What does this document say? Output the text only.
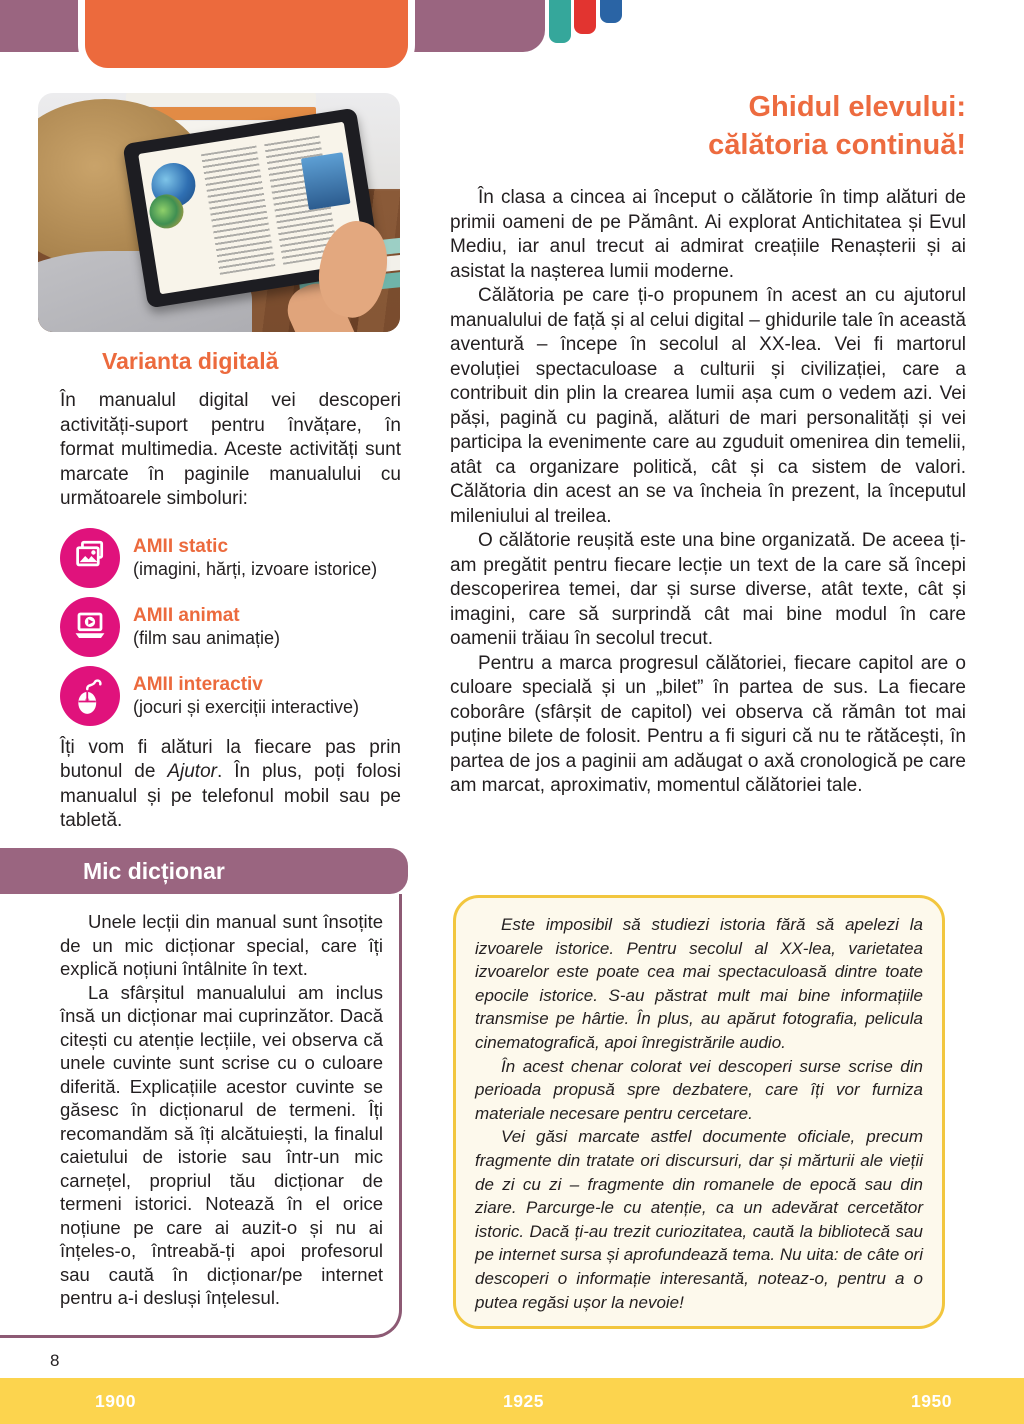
Varianta digitală
În manualul digital vei descoperi activități-suport pentru învățare, în format multimedia. Aceste activități sunt marcate în paginile manualului cu următoarele simboluri:
AMII static
(imagini, hărți, izvoare istorice)
AMII animat
(film sau animație)
AMII interactiv
(jocuri și exerciții interactive)
Îți vom fi alături la fiecare pas prin butonul de Ajutor. În plus, poți folosi manualul și pe telefonul mobil sau pe tabletă.
Mic dicționar

Unele lecții din manual sunt însoțite de un mic dicționar special, care îți explică noțiuni întâlnite în text.

La sfârșitul manualului am inclus însă un dicționar mai cuprinzător. Dacă citești cu atenție lecțiile, vei observa că unele cuvinte sunt scrise cu o culoare diferită. Explicațiile acestor cuvinte se găsesc în dicționarul de termeni. Îți recomandăm să îți alcătuiești, la finalul caietului de istorie sau într-un mic carnețel, propriul tău dicționar de termeni istorici. Notează în el orice noțiune pe care ai auzit-o și nu ai înțeles-o, întreabă-ți apoi profesorul sau caută în dicționar/pe internet pentru a-i desluși înțelesul.

Ghidul elevului:
călătoria continuă!

În clasa a cincea ai început o călătorie în timp alături de primii oameni de pe Pământ. Ai explorat Antichitatea și Evul Mediu, iar anul trecut ai admirat creațiile Renașterii și ai asistat la nașterea lumii moderne.

Călătoria pe care ți-o propunem în acest an cu ajutorul manualului de față și al celui digital – ghidurile tale în această aventură – începe în secolul al XX-lea. Vei fi martorul evoluției spectaculoase a culturii și civilizației, care a contribuit din plin la crearea lumii așa cum o vedem azi. Vei păși, pagină cu pagină, alături de mari personalități și vei participa la evenimente care au zguduit omenirea din temelii, atât ca organizare politică, cât și ca sistem de valori. Călătoria din acest an se va încheia în prezent, la începutul mileniului al treilea.

O călătorie reușită este una bine organizată. De aceea ți-am pregătit pentru fiecare lecție un text de la care să începi descoperirea temei, dar și surse diverse, atât texte, cât și imagini, care să surprindă cât mai bine modul în care oamenii trăiau în secolul trecut.

Pentru a marca progresul călătoriei, fiecare capitol are o culoare specială și un „bilet” în partea de sus. La fiecare coborâre (sfârșit de capitol) vei observa că rămân tot mai puține bilete de folosit. Pentru a fi siguri că nu te rătăcești, în partea de jos a paginii am adăugat o axă cronologică pe care am marcat, aproximativ, momentul călătoriei tale.

Este imposibil să studiezi istoria fără să apelezi la izvoarele istorice. Pentru secolul al XX-lea, varietatea izvoarelor este poate cea mai spectaculoasă dintre toate epocile istorice. S-au păstrat mult mai bine informațiile transmise pe hârtie. În plus, au apărut fotografia, pelicula cinematografică, apoi înregistrările audio.

În acest chenar colorat vei descoperi surse scrise din perioada propusă spre dezbatere, care îți vor furniza materiale necesare pentru cercetare.

Vei găsi marcate astfel documente oficiale, precum fragmente din tratate ori discursuri, dar și mărturii ale vieții de zi cu zi – fragmente din romanele de epocă sau din ziare. Parcurge-le cu atenție, ca un adevărat cercetător istoric. Dacă ți-au trezit curiozitatea, caută la bibliotecă sau pe internet sursa și aprofundează tema. Nu uita: de câte ori descoperi o informație interesantă, noteaz-o, pentru a o putea regăsi ușor la nevoie!

8
1900	1925	1950
